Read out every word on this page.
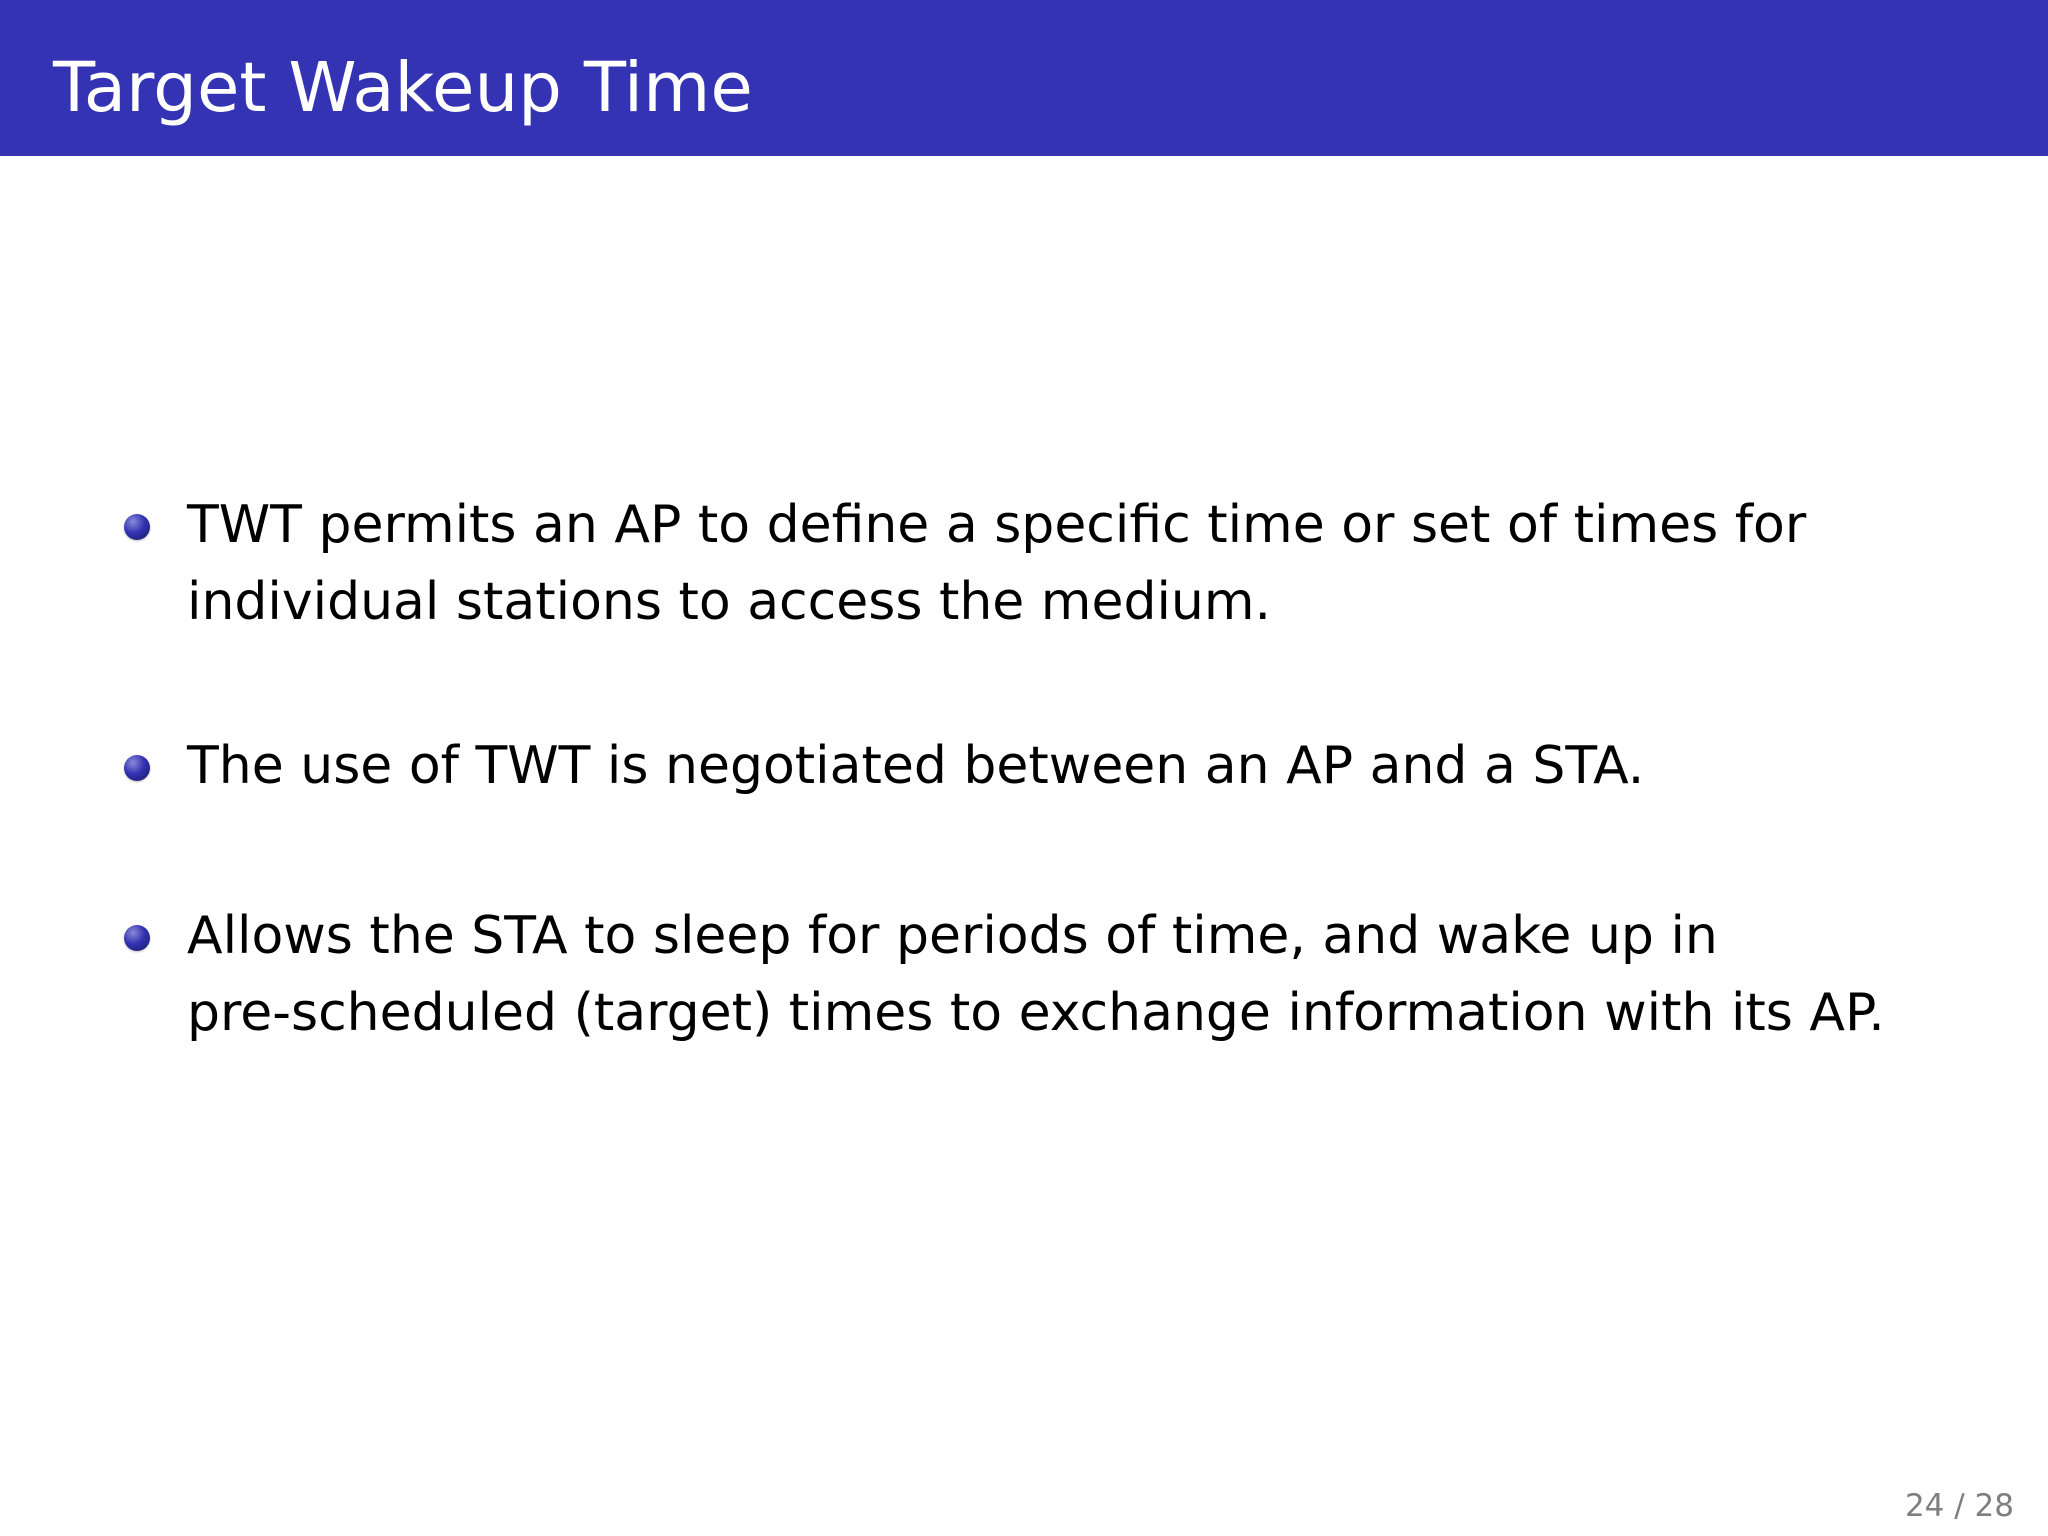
Target Wakeup Time

TWT permits an AP to define a specific time or set of times for
individual stations to access the medium.

The use of TWT is negotiated between an AP and a STA.

Allows the STA to sleep for periods of time, and wake up in
pre-scheduled (target) times to exchange information with its AP.

24 / 28
